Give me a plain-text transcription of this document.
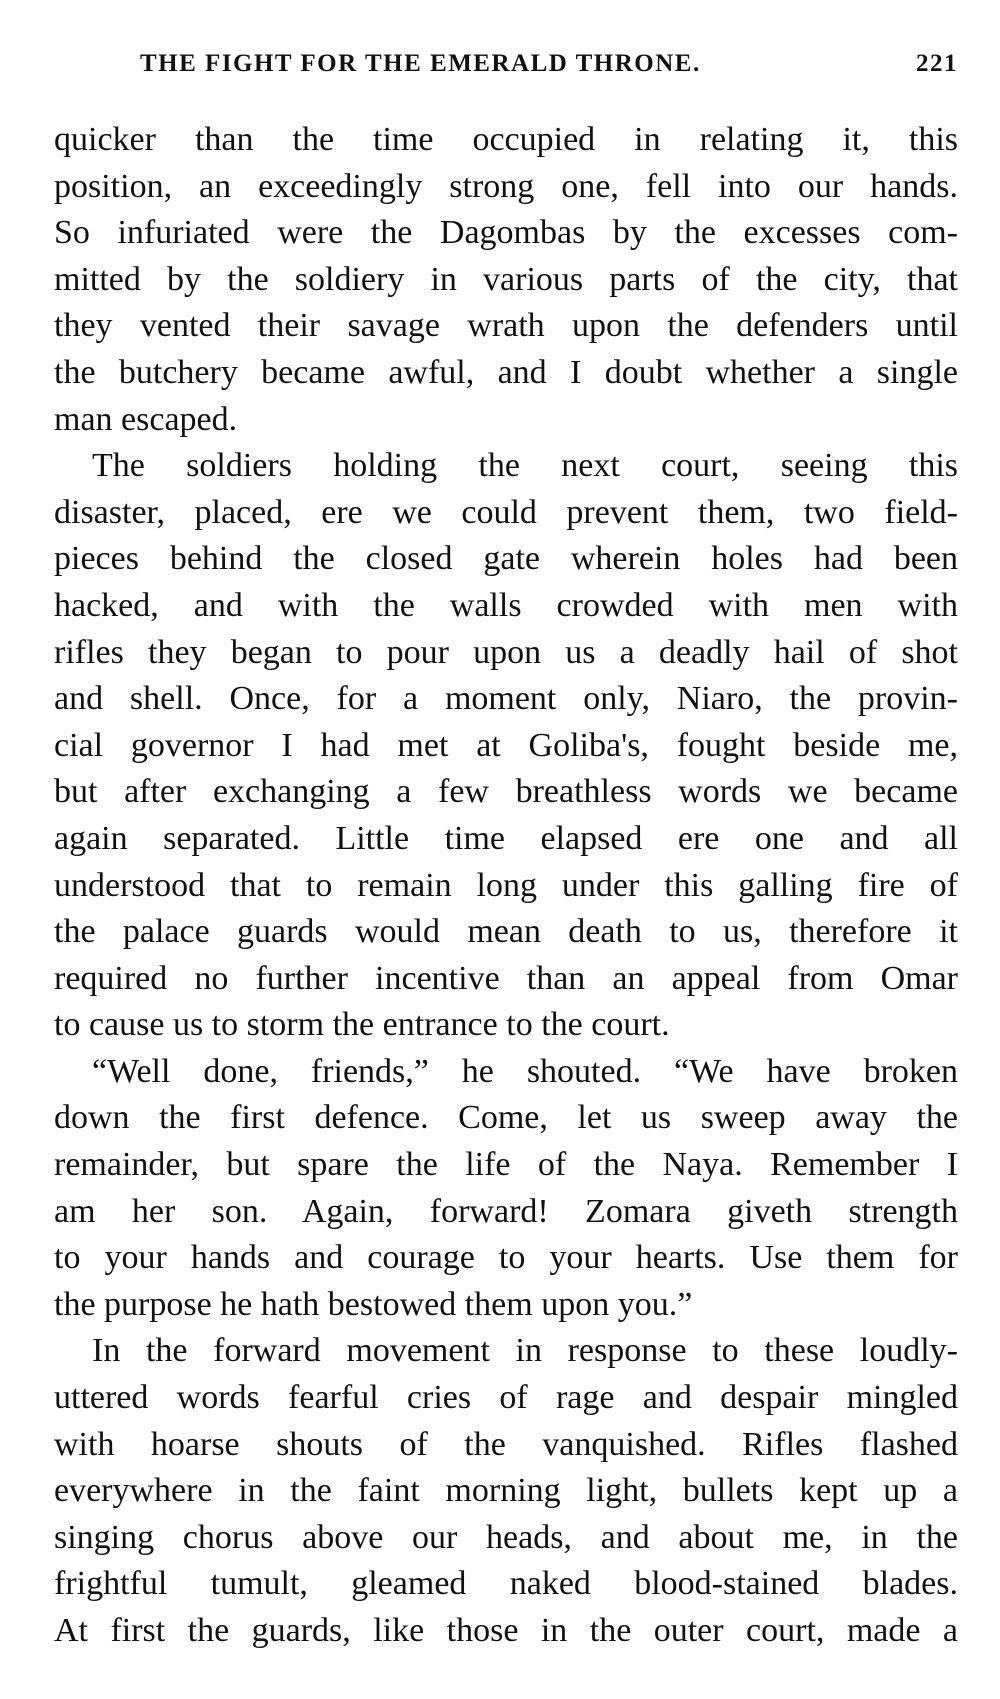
THE FIGHT FOR THE EMERALD THRONE.	221
quicker than the time occupied in relating it, this
position, an exceedingly strong one, fell into our hands.
So infuriated were the Dagombas by the excesses com-
mitted by the soldiery in various parts of the city, that
they vented their savage wrath upon the defenders until
the butchery became awful, and I doubt whether a single
man escaped.
The soldiers holding the next court, seeing this
disaster, placed, ere we could prevent them, two field-
pieces behind the closed gate wherein holes had been
hacked, and with the walls crowded with men with
rifles they began to pour upon us a deadly hail of shot
and shell. Once, for a moment only, Niaro, the provin-
cial governor I had met at Goliba's, fought beside me,
but after exchanging a few breathless words we became
again separated. Little time elapsed ere one and all
understood that to remain long under this galling fire of
the palace guards would mean death to us, therefore it
required no further incentive than an appeal from Omar
to cause us to storm the entrance to the court.
“Well done, friends,” he shouted. “We have broken
down the first defence. Come, let us sweep away the
remainder, but spare the life of the Naya. Remember I
am her son. Again, forward! Zomara giveth strength
to your hands and courage to your hearts. Use them for
the purpose he hath bestowed them upon you.”
In the forward movement in response to these loudly-
uttered words fearful cries of rage and despair mingled
with hoarse shouts of the vanquished. Rifles flashed
everywhere in the faint morning light, bullets kept up a
singing chorus above our heads, and about me, in the
frightful tumult, gleamed naked blood-stained blades.
At first the guards, like those in the outer court, made a
